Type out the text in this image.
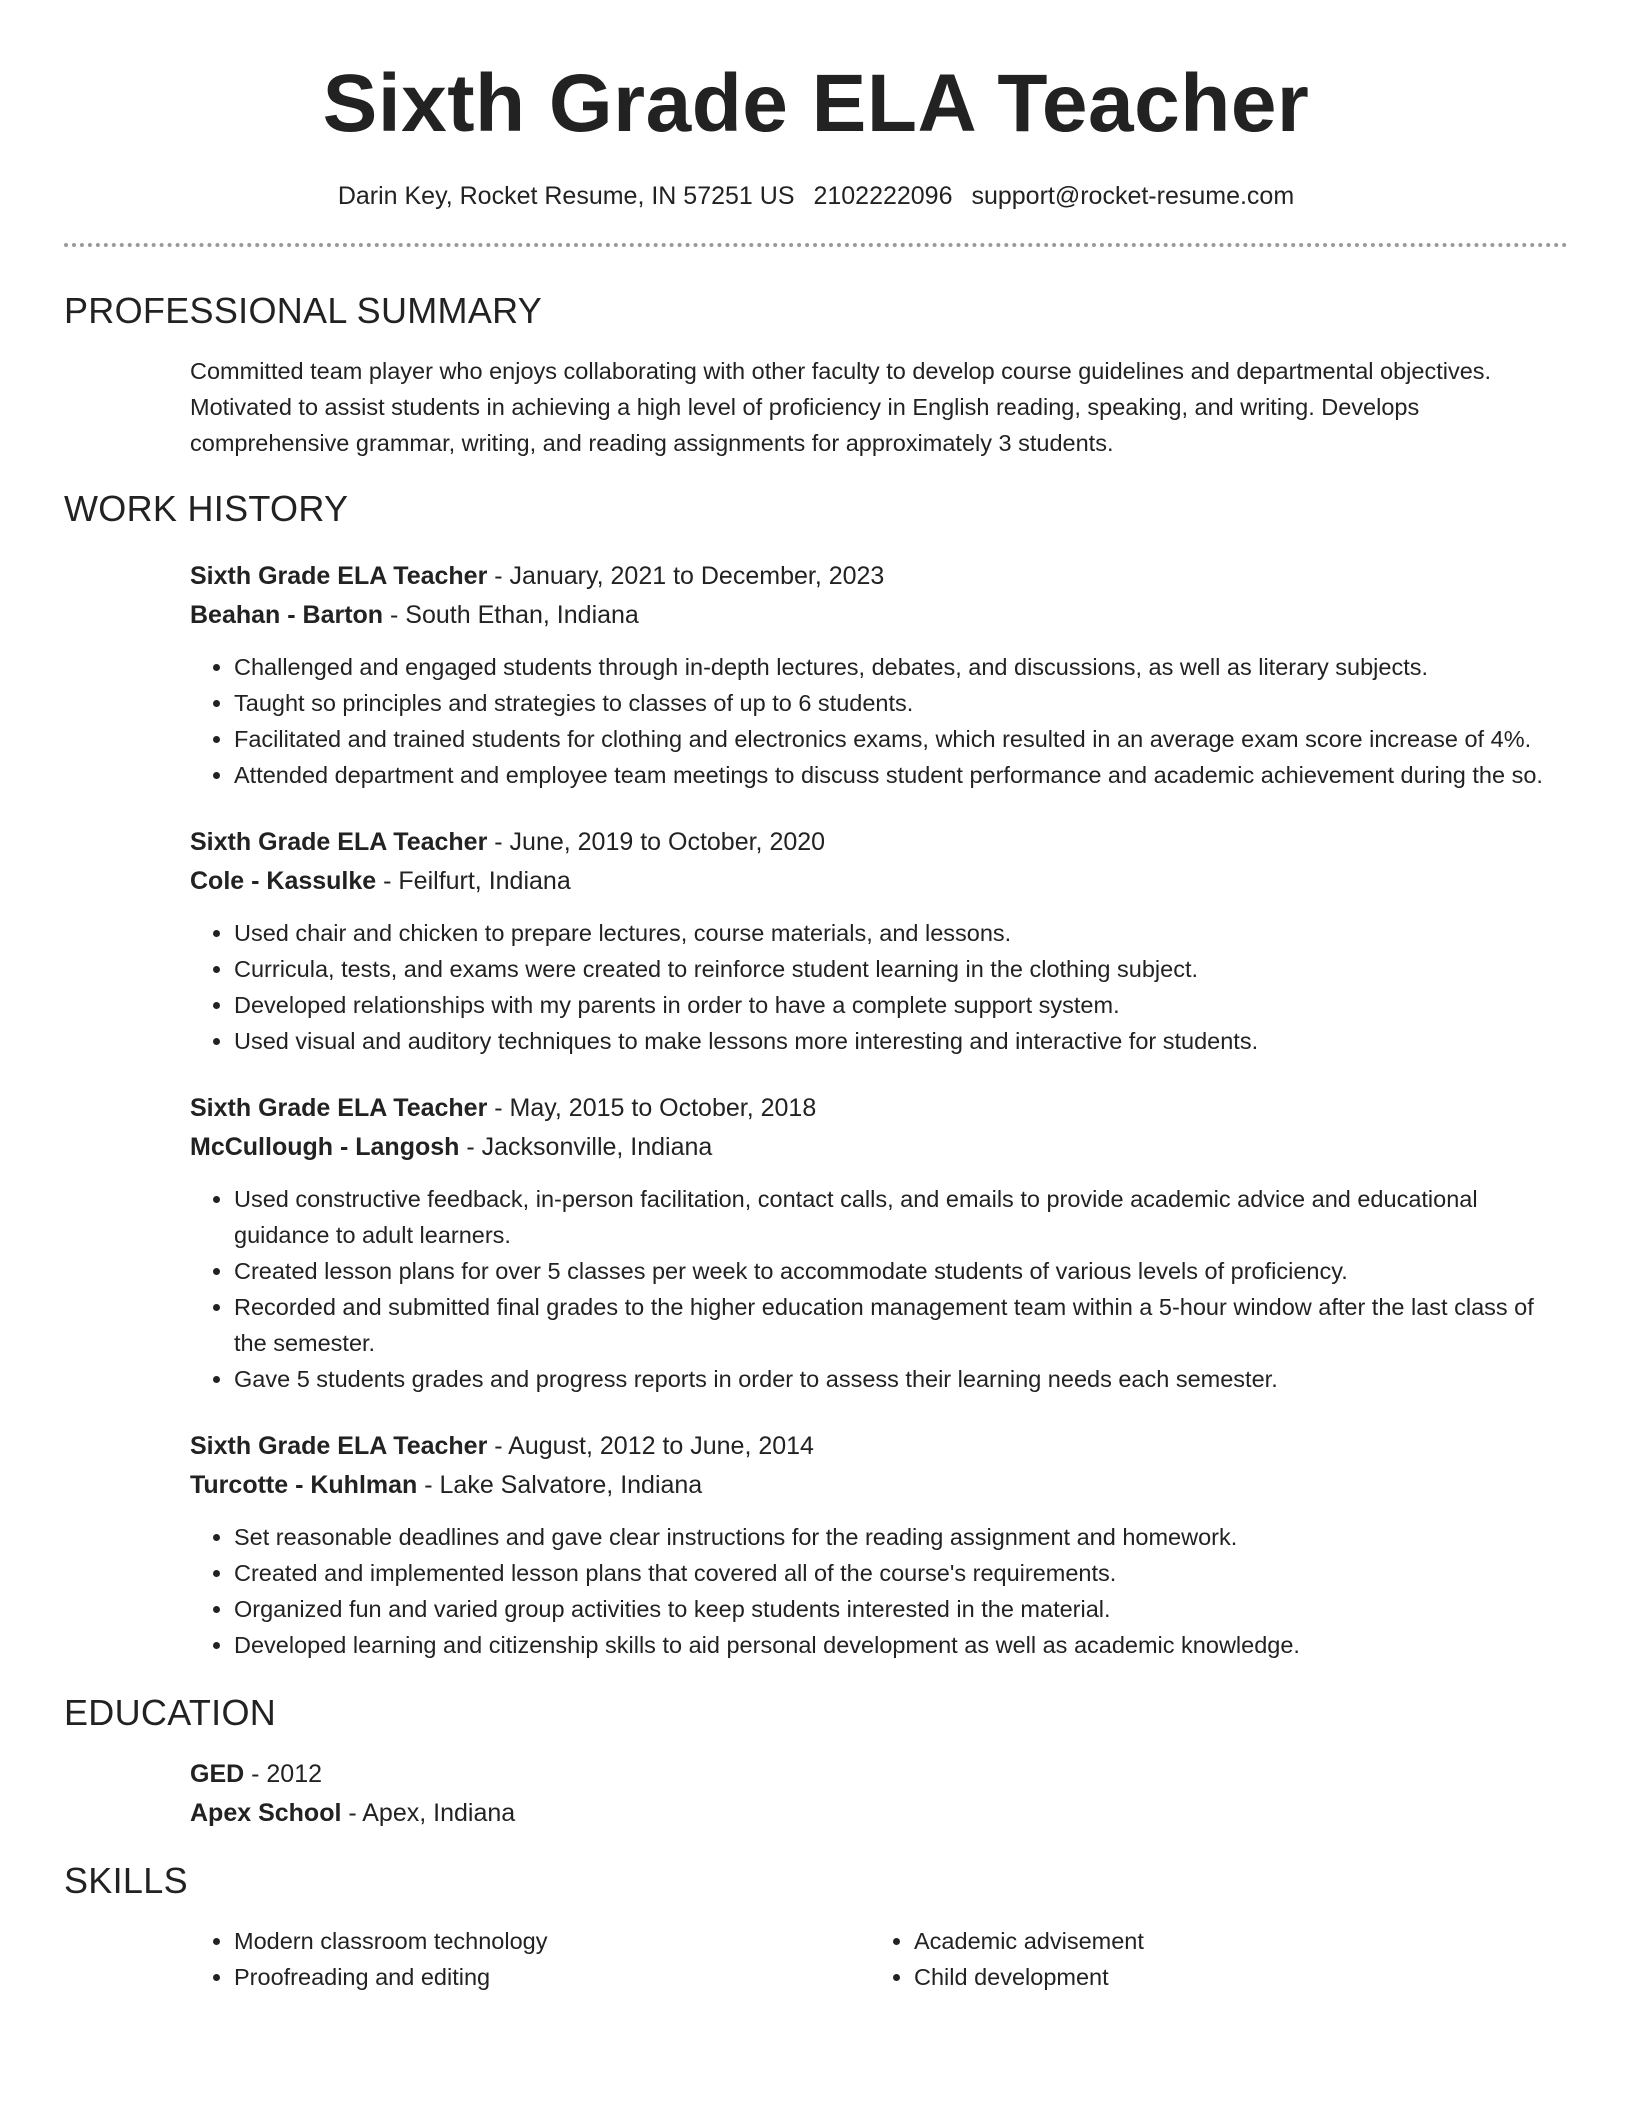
Sixth Grade ELA Teacher
Darin Key, Rocket Resume, IN 57251 US 2102222096 support@rocket-resume.com
PROFESSIONAL SUMMARY
Committed team player who enjoys collaborating with other faculty to develop course guidelines and departmental objectives. Motivated to assist students in achieving a high level of proficiency in English reading, speaking, and writing. Develops comprehensive grammar, writing, and reading assignments for approximately 3 students.
WORK HISTORY
Sixth Grade ELA Teacher - January, 2021 to December, 2023
Beahan - Barton - South Ethan, Indiana
• Challenged and engaged students through in-depth lectures, debates, and discussions, as well as literary subjects.
• Taught so principles and strategies to classes of up to 6 students.
• Facilitated and trained students for clothing and electronics exams, which resulted in an average exam score increase of 4%.
• Attended department and employee team meetings to discuss student performance and academic achievement during the so.
Sixth Grade ELA Teacher - June, 2019 to October, 2020
Cole - Kassulke - Feilfurt, Indiana
• Used chair and chicken to prepare lectures, course materials, and lessons.
• Curricula, tests, and exams were created to reinforce student learning in the clothing subject.
• Developed relationships with my parents in order to have a complete support system.
• Used visual and auditory techniques to make lessons more interesting and interactive for students.
Sixth Grade ELA Teacher - May, 2015 to October, 2018
McCullough - Langosh - Jacksonville, Indiana
• Used constructive feedback, in-person facilitation, contact calls, and emails to provide academic advice and educational guidance to adult learners.
• Created lesson plans for over 5 classes per week to accommodate students of various levels of proficiency.
• Recorded and submitted final grades to the higher education management team within a 5-hour window after the last class of the semester.
• Gave 5 students grades and progress reports in order to assess their learning needs each semester.
Sixth Grade ELA Teacher - August, 2012 to June, 2014
Turcotte - Kuhlman - Lake Salvatore, Indiana
• Set reasonable deadlines and gave clear instructions for the reading assignment and homework.
• Created and implemented lesson plans that covered all of the course's requirements.
• Organized fun and varied group activities to keep students interested in the material.
• Developed learning and citizenship skills to aid personal development as well as academic knowledge.
EDUCATION
GED - 2012
Apex School - Apex, Indiana
SKILLS
• Modern classroom technology
• Proofreading and editing
• Academic advisement
• Child development
